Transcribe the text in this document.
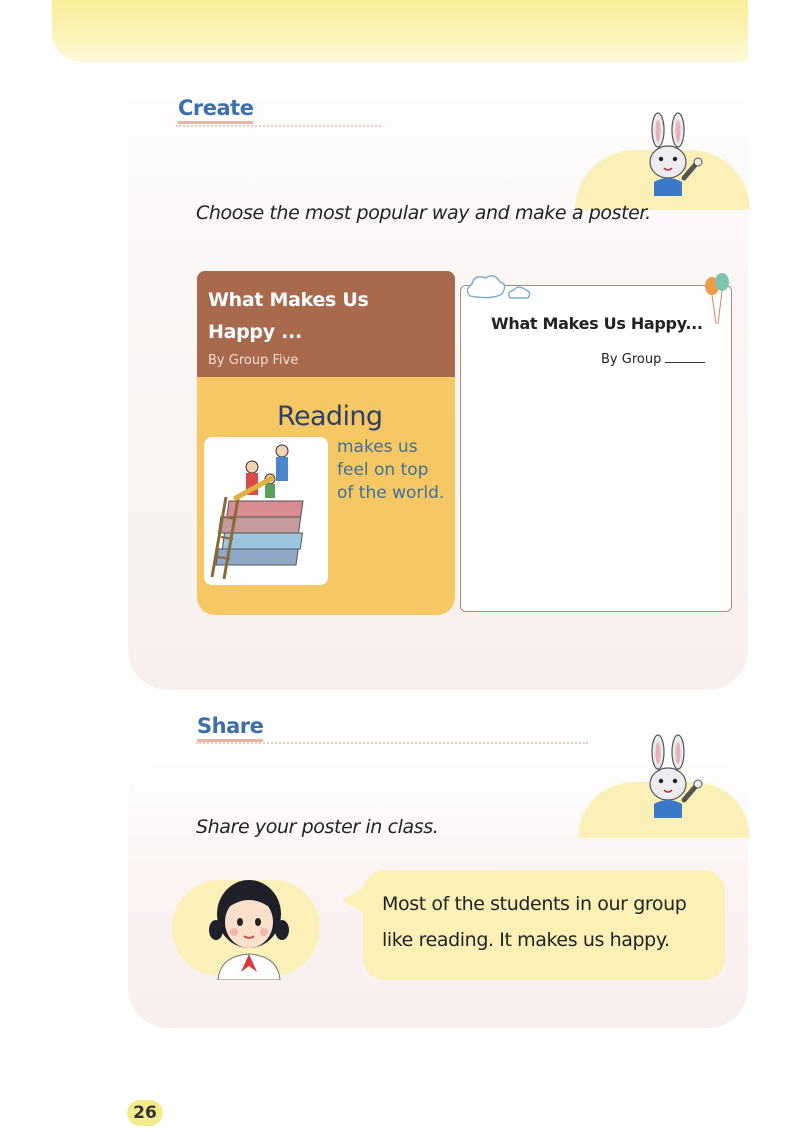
Create
Choose the most popular way and make a poster.
What Makes Us
Happy ...
By Group Five
Reading
makes us
feel on top
of the world.
What Makes Us Happy...
By Group
Share
Share your poster in class.
Most of the students in our group
like reading. It makes us happy.
26
